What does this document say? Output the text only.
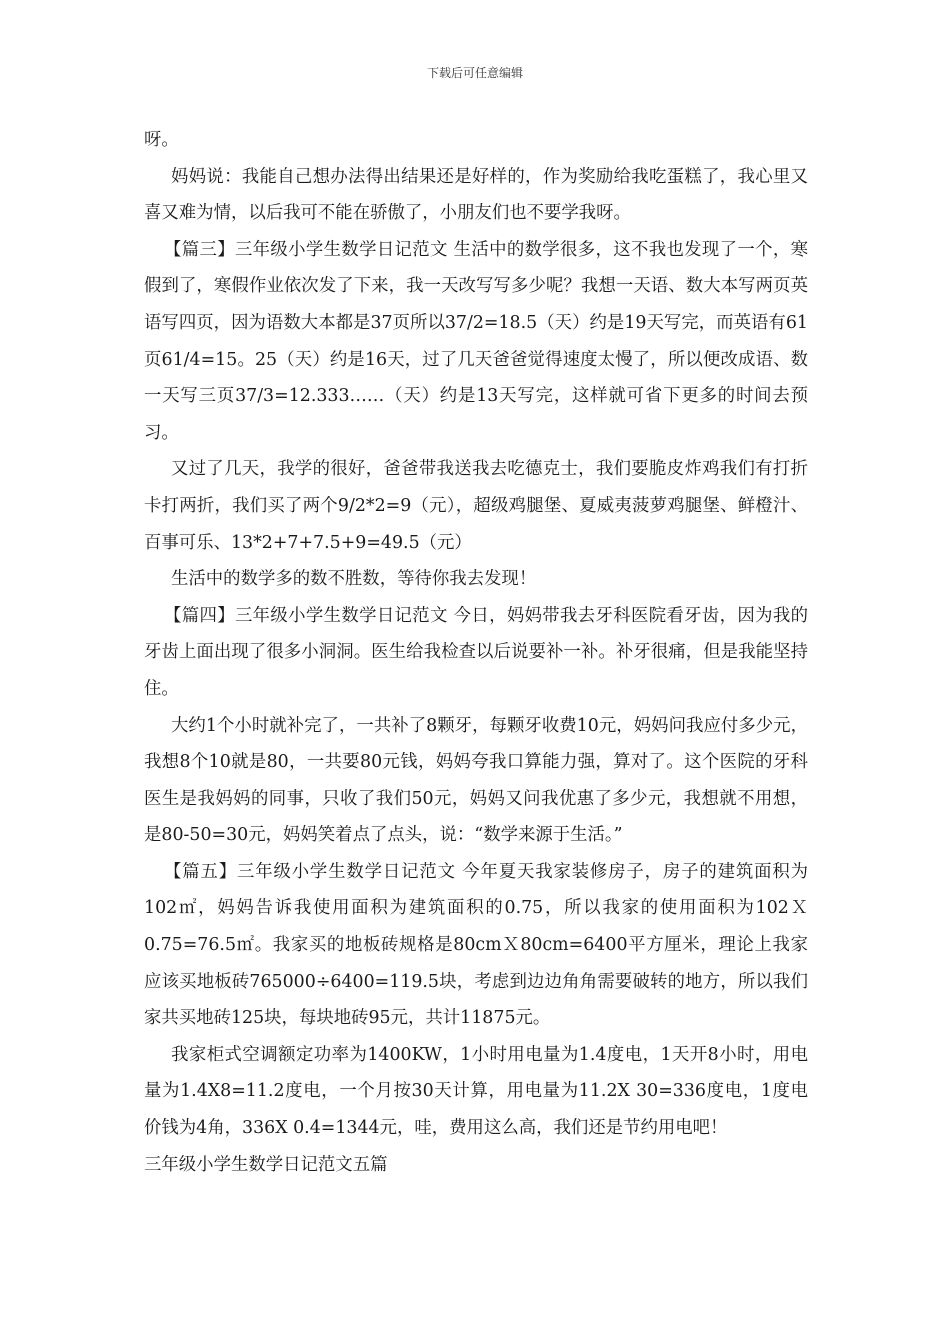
下载后可任意编辑

呀。

妈妈说：我能自己想办法得出结果还是好样的，作为奖励给我吃蛋糕了，我心里又喜又难为情，以后我可不能在骄傲了，小朋友们也不要学我呀。

【篇三】三年级小学生数学日记范文 生活中的数学很多，这不我也发现了一个，寒假到了，寒假作业依次发了下来，我一天改写写多少呢？我想一天语、数大本写两页英语写四页，因为语数大本都是37页所以37/2=18.5（天）约是19天写完，而英语有61页61/4=15。25（天）约是16天，过了几天爸爸觉得速度太慢了，所以便改成语、数一天写三页37/3=12.333……（天）约是13天写完，这样就可省下更多的时间去预习。

又过了几天，我学的很好，爸爸带我送我去吃德克士，我们要脆皮炸鸡我们有打折卡打两折，我们买了两个9/2*2=9（元），超级鸡腿堡、夏威夷菠萝鸡腿堡、鲜橙汁、百事可乐、13*2+7+7.5+9=49.5（元）

生活中的数学多的数不胜数，等待你我去发现！

【篇四】三年级小学生数学日记范文 今日，妈妈带我去牙科医院看牙齿，因为我的牙齿上面出现了很多小洞洞。医生给我检查以后说要补一补。补牙很痛，但是我能坚持住。

大约1个小时就补完了，一共补了8颗牙，每颗牙收费10元，妈妈问我应付多少元，我想8个10就是80，一共要80元钱，妈妈夸我口算能力强，算对了。这个医院的牙科医生是我妈妈的同事，只收了我们50元，妈妈又问我优惠了多少元，我想就不用想，是80-50=30元，妈妈笑着点了点头，说：“数学来源于生活。”

【篇五】三年级小学生数学日记范文 今年夏天我家装修房子，房子的建筑面积为102㎡，妈妈告诉我使用面积为建筑面积的0.75，所以我家的使用面积为102Ｘ0.75=76.5㎡。我家买的地板砖规格是80cmＸ80cm=6400平方厘米，理论上我家应该买地板砖765000÷6400=119.5块，考虑到边边角角需要破转的地方，所以我们家共买地砖125块，每块地砖95元，共计11875元。

我家柜式空调额定功率为1400KW，1小时用电量为1.4度电，1天开8小时，用电量为1.4X8=11.2度电，一个月按30天计算，用电量为11.2X 30=336度电，1度电价钱为4角，336X 0.4=1344元，哇，费用这么高，我们还是节约用电吧！

三年级小学生数学日记范文五篇
